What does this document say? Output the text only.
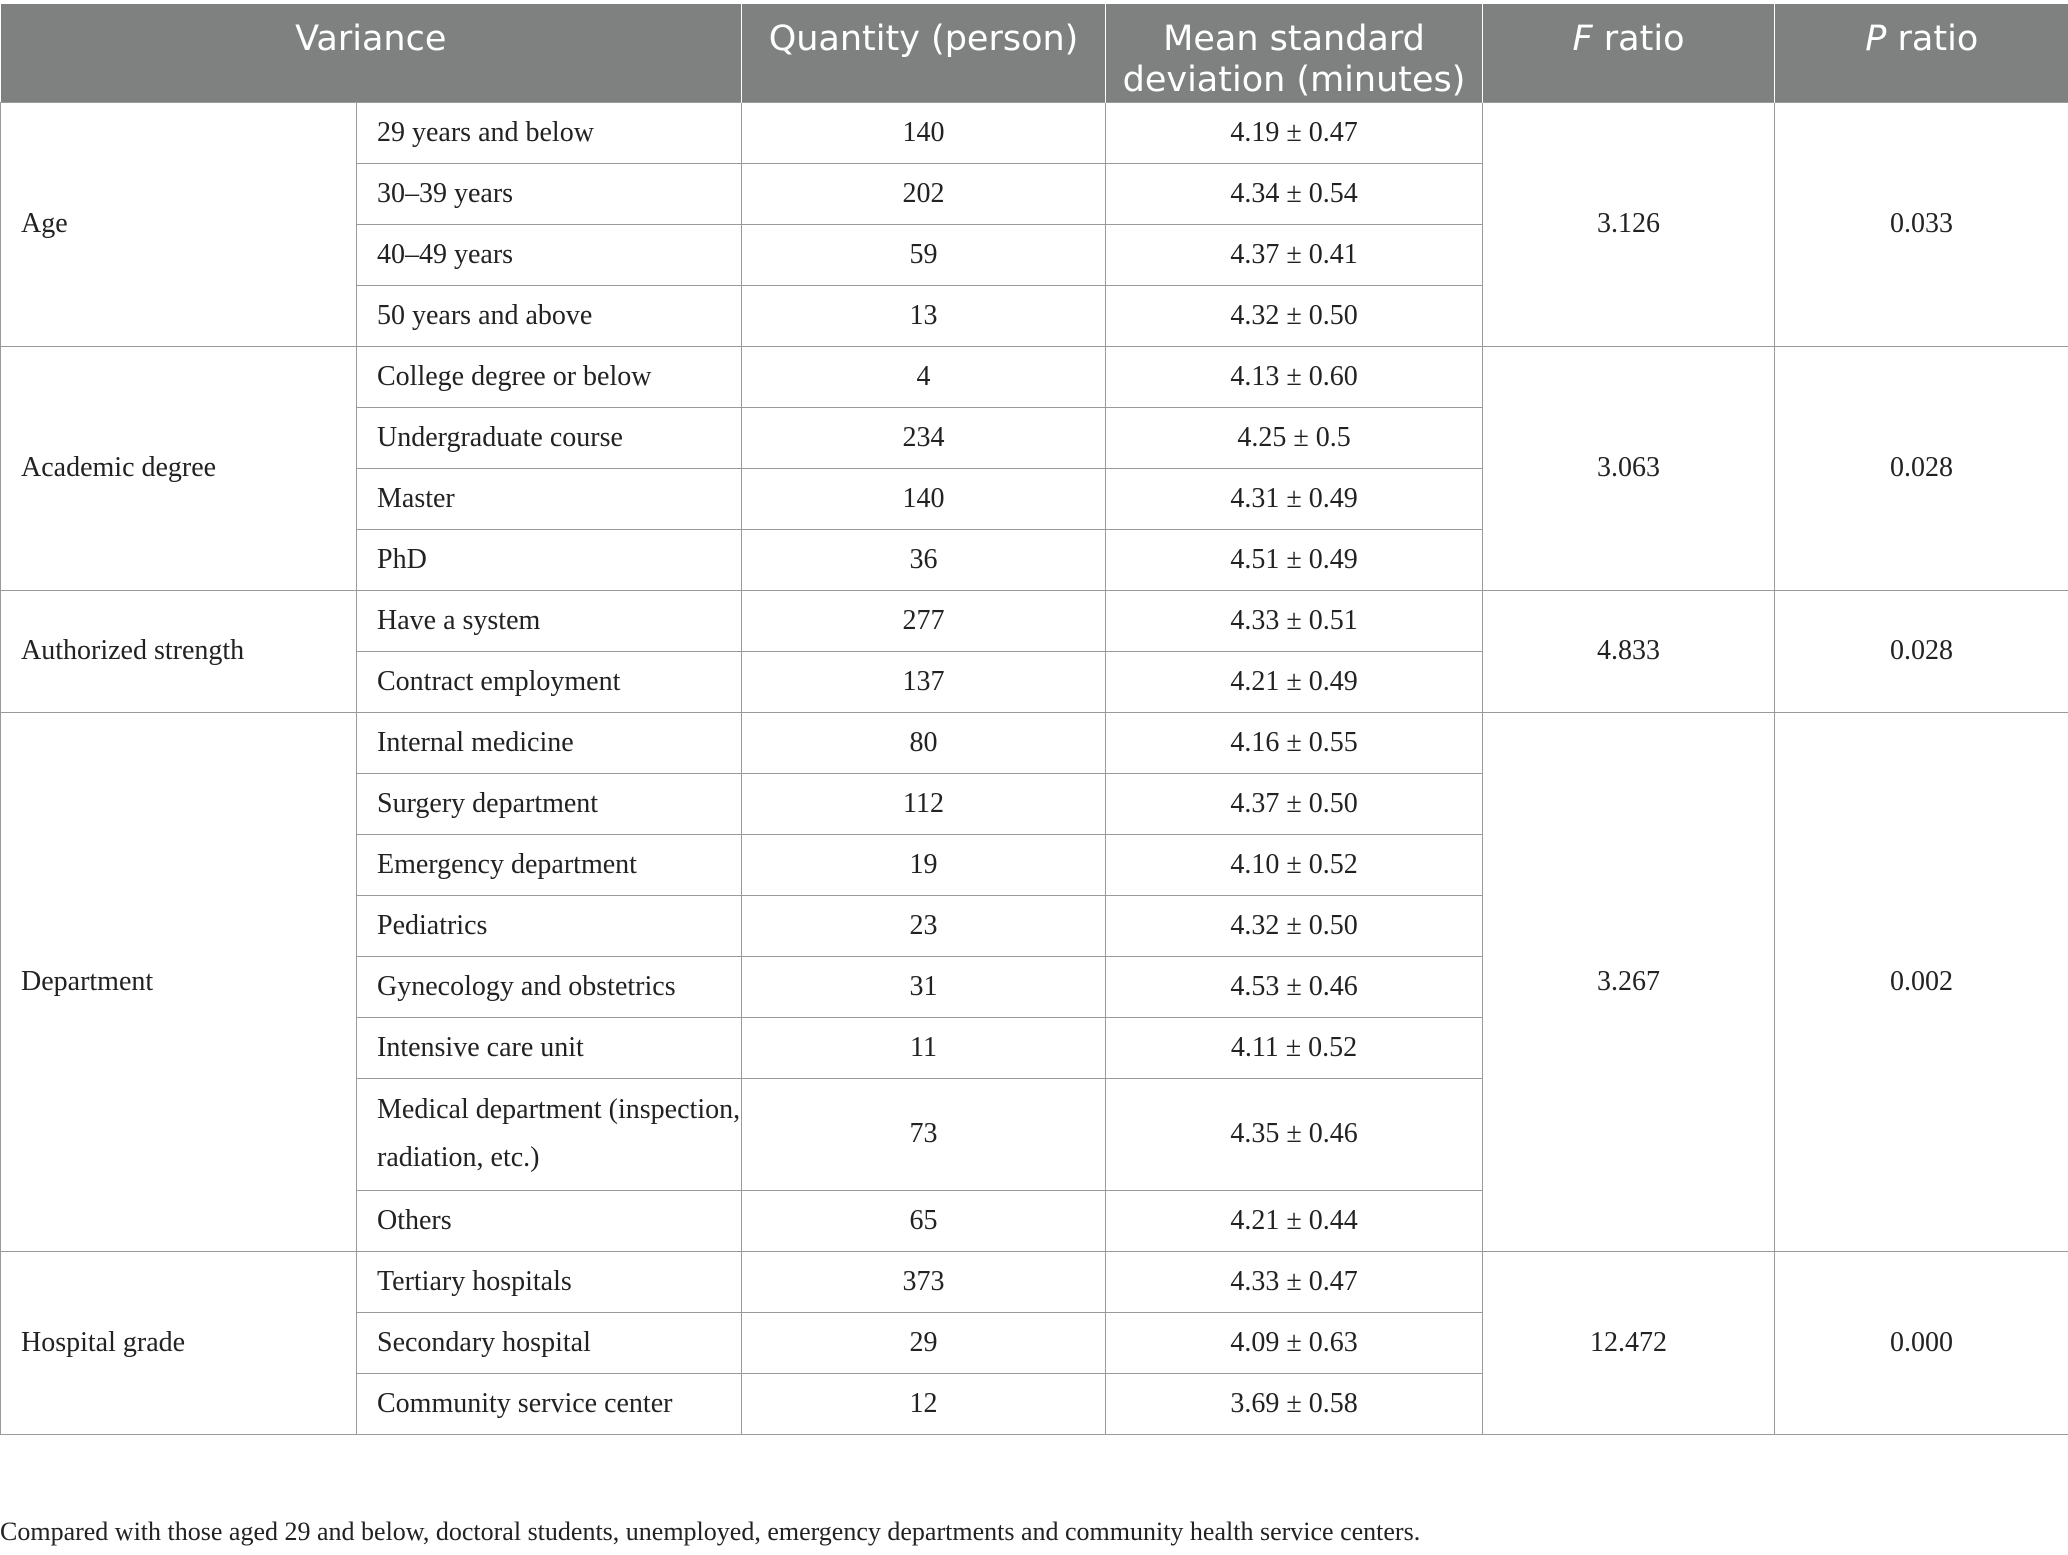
Variance		Quantity (person)	Mean standard deviation (minutes)	F ratio	P ratio
Age	29 years and below	140	4.19 ± 0.47	3.126	0.033
	30–39 years	202	4.34 ± 0.54		
	40–49 years	59	4.37 ± 0.41		
	50 years and above	13	4.32 ± 0.50		
Academic degree	College degree or below	4	4.13 ± 0.60	3.063	0.028
	Undergraduate course	234	4.25 ± 0.5		
	Master	140	4.31 ± 0.49		
	PhD	36	4.51 ± 0.49		
Authorized strength	Have a system	277	4.33 ± 0.51	4.833	0.028
	Contract employment	137	4.21 ± 0.49		
Department	Internal medicine	80	4.16 ± 0.55	3.267	0.002
	Surgery department	112	4.37 ± 0.50		
	Emergency department	19	4.10 ± 0.52		
	Pediatrics	23	4.32 ± 0.50		
	Gynecology and obstetrics	31	4.53 ± 0.46		
	Intensive care unit	11	4.11 ± 0.52		
	Medical department (inspection, radiation, etc.)	73	4.35 ± 0.46		
	Others	65	4.21 ± 0.44		
Hospital grade	Tertiary hospitals	373	4.33 ± 0.47	12.472	0.000
	Secondary hospital	29	4.09 ± 0.63		
	Community service center	12	3.69 ± 0.58		

Compared with those aged 29 and below, doctoral students, unemployed, emergency departments and community health service centers.
